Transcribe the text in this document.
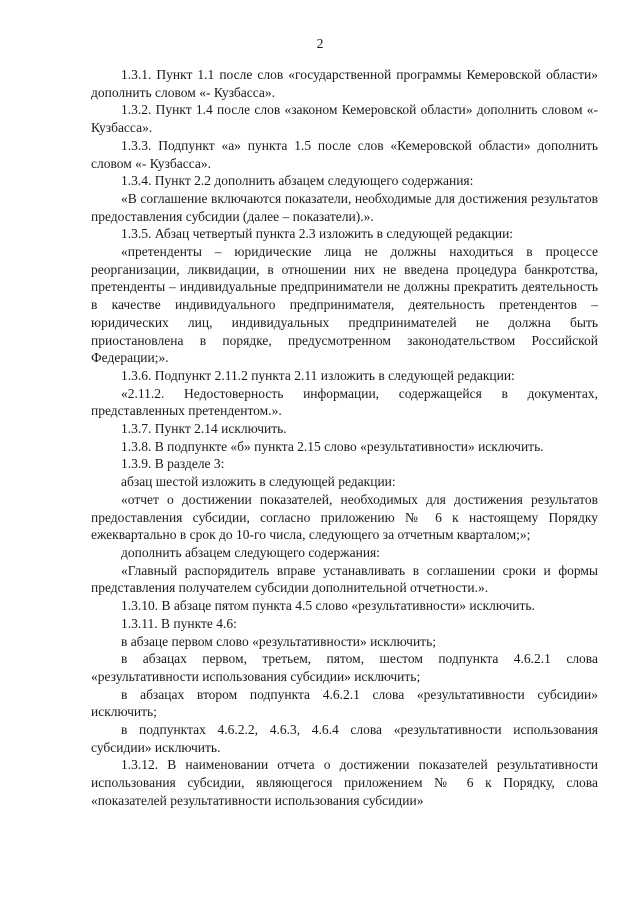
2

1.3.1. Пункт 1.1 после слов «государственной программы Кемеровской области» дополнить словом «- Кузбасса».

1.3.2. Пункт 1.4 после слов «законом Кемеровской области» дополнить словом «- Кузбасса».

1.3.3. Подпункт «а» пункта 1.5 после слов «Кемеровской области» дополнить словом «- Кузбасса».

1.3.4. Пункт 2.2 дополнить абзацем следующего содержания:

«В соглашение включаются показатели, необходимые для достижения результатов предоставления субсидии (далее – показатели).».

1.3.5. Абзац четвертый пункта 2.3 изложить в следующей редакции:

«претенденты – юридические лица не должны находиться в процессе реорганизации, ликвидации, в отношении них не введена процедура банкротства, претенденты – индивидуальные предприниматели не должны прекратить деятельность в качестве индивидуального предпринимателя, деятельность претендентов – юридических лиц, индивидуальных предпринимателей не должна быть приостановлена в порядке, предусмотренном законодательством Российской Федерации;».

1.3.6. Подпункт 2.11.2 пункта 2.11 изложить в следующей редакции:

«2.11.2. Недостоверность информации, содержащейся в документах, представленных претендентом.».

1.3.7. Пункт 2.14 исключить.

1.3.8. В подпункте «б» пункта 2.15 слово «результативности» исключить.

1.3.9. В разделе 3:

абзац шестой изложить в следующей редакции:

«отчет о достижении показателей, необходимых для достижения результатов предоставления субсидии, согласно приложению № 6 к настоящему Порядку ежеквартально в срок до 10-го числа, следующего за отчетным кварталом;»;

дополнить абзацем следующего содержания:

«Главный распорядитель вправе устанавливать в соглашении сроки и формы представления получателем субсидии дополнительной отчетности.».

1.3.10. В абзаце пятом пункта 4.5 слово «результативности» исключить.

1.3.11. В пункте 4.6:

в абзаце первом слово «результативности» исключить;

в абзацах первом, третьем, пятом, шестом подпункта 4.6.2.1 слова «результативности использования субсидии» исключить;

в абзацах втором подпункта 4.6.2.1 слова «результативности субсидии» исключить;

в подпунктах 4.6.2.2, 4.6.3, 4.6.4 слова «результативности использования субсидии» исключить.

1.3.12. В наименовании отчета о достижении показателей результативности использования субсидии, являющегося приложением № 6 к Порядку, слова «показателей результативности использования субсидии»
